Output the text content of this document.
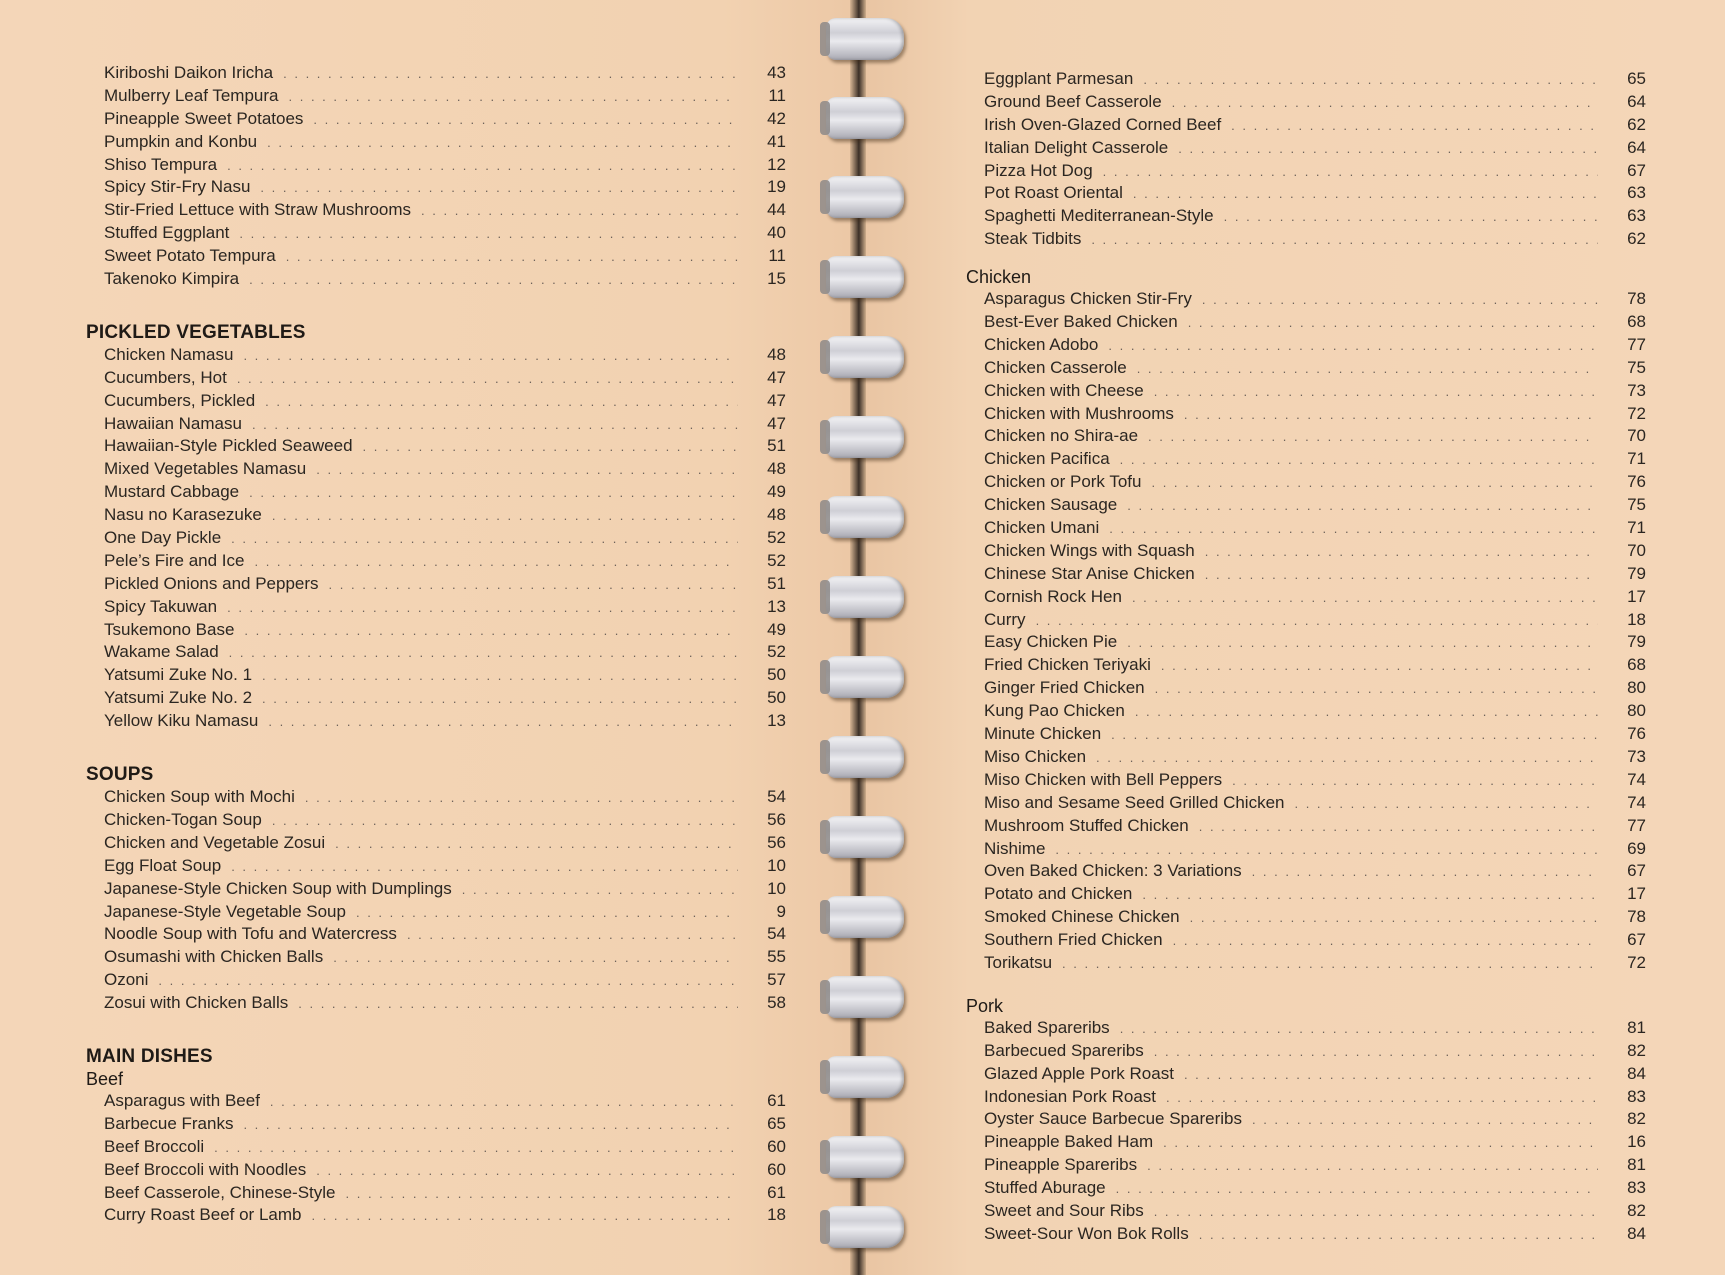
Kiriboshi Daikon Iricha . . .	43
Mulberry Leaf Tempura . . .	11
Pineapple Sweet Potatoes . . .	42
Pumpkin and Konbu . . .	41
Shiso Tempura . . .	12
Spicy Stir-Fry Nasu . . .	19
Stir-Fried Lettuce with Straw Mushrooms . . .	44
Stuffed Eggplant . . .	40
Sweet Potato Tempura . . .	11
Takenoko Kimpira . . .	15
PICKLED VEGETABLES
Chicken Namasu . . .	48
Cucumbers, Hot . . .	47
Cucumbers, Pickled . . .	47
Hawaiian Namasu . . .	47
Hawaiian-Style Pickled Seaweed . . .	51
Mixed Vegetables Namasu . . .	48
Mustard Cabbage . . .	49
Nasu no Karasezuke . . .	48
One Day Pickle . . .	52
Pele’s Fire and Ice . . .	52
Pickled Onions and Peppers . . .	51
Spicy Takuwan . . .	13
Tsukemono Base . . .	49
Wakame Salad . . .	52
Yatsumi Zuke No. 1 . . .	50
Yatsumi Zuke No. 2 . . .	50
Yellow Kiku Namasu . . .	13
SOUPS
Chicken Soup with Mochi . . .	54
Chicken-Togan Soup . . .	56
Chicken and Vegetable Zosui . . .	56
Egg Float Soup . . .	10
Japanese-Style Chicken Soup with Dumplings . . .	10
Japanese-Style Vegetable Soup . . .	9
Noodle Soup with Tofu and Watercress . . .	54
Osumashi with Chicken Balls . . .	55
Ozoni . . .	57
Zosui with Chicken Balls . . .	58
MAIN DISHES
Beef
Asparagus with Beef . . .	61
Barbecue Franks . . .	65
Beef Broccoli . . .	60
Beef Broccoli with Noodles . . .	60
Beef Casserole, Chinese-Style . . .	61
Curry Roast Beef or Lamb . . .	18
Eggplant Parmesan . . .	65
Ground Beef Casserole . . .	64
Irish Oven-Glazed Corned Beef . . .	62
Italian Delight Casserole . . .	64
Pizza Hot Dog . . .	67
Pot Roast Oriental . . .	63
Spaghetti Mediterranean-Style . . .	63
Steak Tidbits . . .	62
Chicken
Asparagus Chicken Stir-Fry . . .	78
Best-Ever Baked Chicken . . .	68
Chicken Adobo . . .	77
Chicken Casserole . . .	75
Chicken with Cheese . . .	73
Chicken with Mushrooms . . .	72
Chicken no Shira-ae . . .	70
Chicken Pacifica . . .	71
Chicken or Pork Tofu . . .	76
Chicken Sausage . . .	75
Chicken Umani . . .	71
Chicken Wings with Squash . . .	70
Chinese Star Anise Chicken . . .	79
Cornish Rock Hen . . .	17
Curry . . .	18
Easy Chicken Pie . . .	79
Fried Chicken Teriyaki . . .	68
Ginger Fried Chicken . . .	80
Kung Pao Chicken . . .	80
Minute Chicken . . .	76
Miso Chicken . . .	73
Miso Chicken with Bell Peppers . . .	74
Miso and Sesame Seed Grilled Chicken . . .	74
Mushroom Stuffed Chicken . . .	77
Nishime . . .	69
Oven Baked Chicken: 3 Variations . . .	67
Potato and Chicken . . .	17
Smoked Chinese Chicken . . .	78
Southern Fried Chicken . . .	67
Torikatsu . . .	72
Pork
Baked Spareribs . . .	81
Barbecued Spareribs . . .	82
Glazed Apple Pork Roast . . .	84
Indonesian Pork Roast . . .	83
Oyster Sauce Barbecue Spareribs . . .	82
Pineapple Baked Ham . . .	16
Pineapple Spareribs . . .	81
Stuffed Aburage . . .	83
Sweet and Sour Ribs . . .	82
Sweet-Sour Won Bok Rolls . . .	84
